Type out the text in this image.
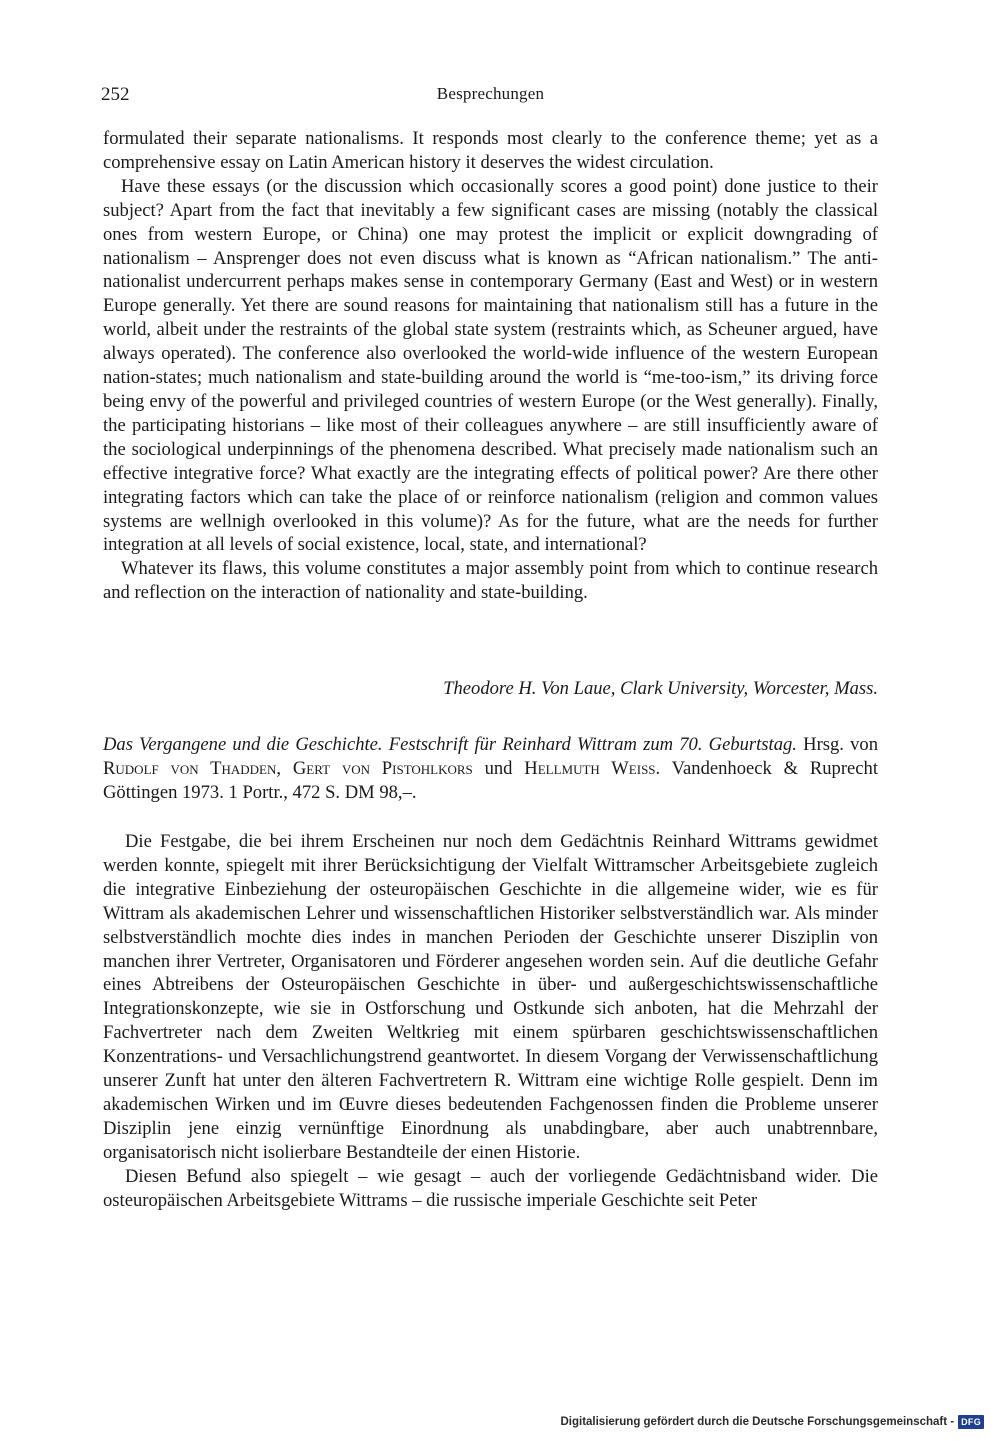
252	Besprechungen

formulated their separate nationalisms. It responds most clearly to the conference theme; yet as a comprehensive essay on Latin American history it deserves the widest circulation.

Have these essays (or the discussion which occasionally scores a good point) done justice to their subject? Apart from the fact that inevitably a few significant cases are missing (notably the classical ones from western Europe, or China) one may protest the implicit or explicit downgrading of nationalism – Ansprenger does not even discuss what is known as “African nationalism.” The anti-nationalist undercurrent perhaps makes sense in contemporary Germany (East and West) or in western Europe generally. Yet there are sound reasons for maintaining that nationalism still has a future in the world, albeit under the restraints of the global state system (restraints which, as Scheuner argued, have always operated). The conference also overlooked the world-wide influence of the western European nation-states; much nationalism and state-building around the world is “me-too-ism,” its driving force being envy of the powerful and privileged countries of western Europe (or the West generally). Finally, the participating historians – like most of their colleagues anywhere – are still insufficiently aware of the sociological underpinnings of the phenomena described. What precisely made nationalism such an effective integrative force? What exactly are the integrating effects of political power? Are there other integrating factors which can take the place of or reinforce nationalism (religion and common values systems are wellnigh overlooked in this volume)? As for the future, what are the needs for further integration at all levels of social existence, local, state, and international?

Whatever its flaws, this volume constitutes a major assembly point from which to continue research and reflection on the interaction of nationality and state-building.

Theodore H. Von Laue, Clark University, Worcester, Mass.
Das Vergangene und die Geschichte. Festschrift für Reinhard Wittram zum 70. Geburtstag. Hrsg. von Rudolf von Thadden, Gert von Pistohlkors und Hellmuth Weiss. Vandenhoeck & Ruprecht Göttingen 1973. 1 Portr., 472 S. DM 98,–.

Die Festgabe, die bei ihrem Erscheinen nur noch dem Gedächtnis Reinhard Wittrams gewidmet werden konnte, spiegelt mit ihrer Berücksichtigung der Vielfalt Wittramscher Arbeitsgebiete zugleich die integrative Einbeziehung der osteuropäischen Geschichte in die allgemeine wider, wie es für Wittram als akademischen Lehrer und wissenschaftlichen Historiker selbstverständlich war. Als minder selbstverständlich mochte dies indes in manchen Perioden der Geschichte unserer Disziplin von manchen ihrer Vertreter, Organisatoren und Förderer angesehen worden sein. Auf die deutliche Gefahr eines Abtreibens der Osteuropäischen Geschichte in über- und außergeschichtswissenschaftliche Integrationskonzepte, wie sie in Ostforschung und Ostkunde sich anboten, hat die Mehrzahl der Fachvertreter nach dem Zweiten Weltkrieg mit einem spürbaren geschichtswissenschaftlichen Konzentrations- und Versachlichungstrend geantwortet. In diesem Vorgang der Verwissenschaftlichung unserer Zunft hat unter den älteren Fachvertretern R. Wittram eine wichtige Rolle gespielt. Denn im akademischen Wirken und im Œuvre dieses bedeutenden Fachgenossen finden die Probleme unserer Disziplin jene einzig vernünftige Einordnung als unabdingbare, aber auch unabtrennbare, organisatorisch nicht isolierbare Bestandteile der einen Historie.

Diesen Befund also spiegelt – wie gesagt – auch der vorliegende Gedächtnisband wider. Die osteuropäischen Arbeitsgebiete Wittrams – die russische imperiale Geschichte seit Peter

Digitalisierung gefördert durch die Deutsche Forschungsgemeinschaft - DFG
